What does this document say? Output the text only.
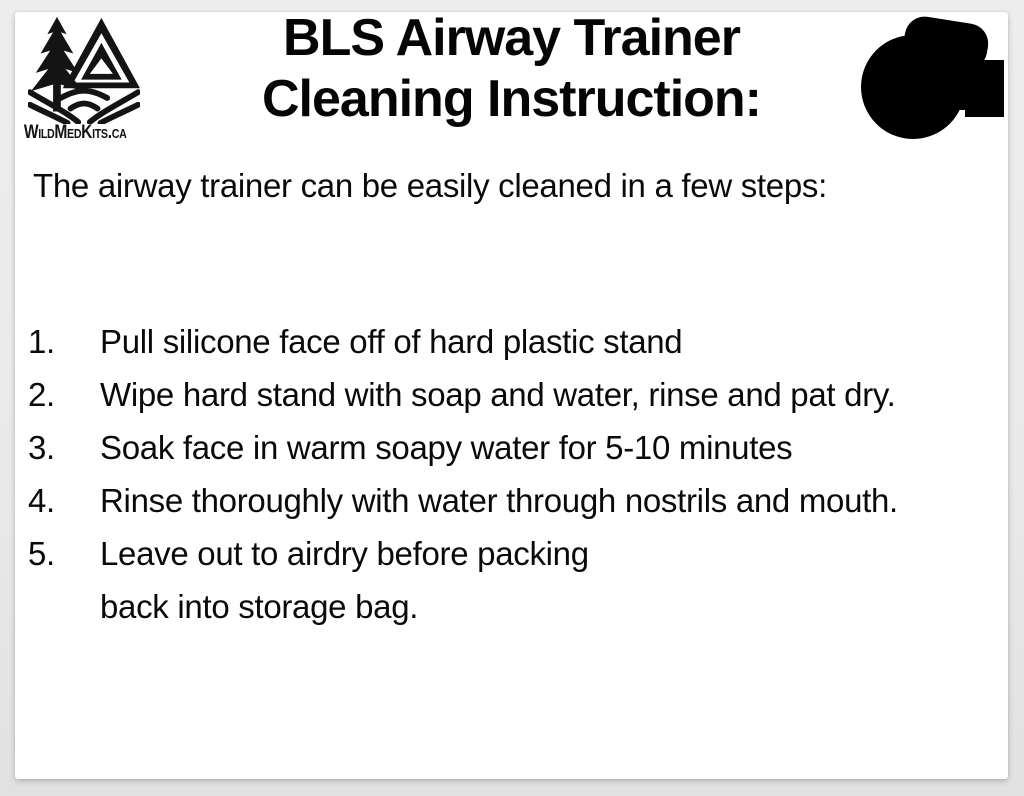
WildMedKits.ca
BLS Airway Trainer
Cleaning Instruction:
The airway trainer can be easily cleaned in a few steps:
1.	Pull silicone face off of hard plastic stand
2.	Wipe hard stand with soap and water, rinse and pat dry.
3.	Soak face in warm soapy water for 5-10 minutes
4.	Rinse thoroughly with water through nostrils and mouth.
5.	Leave out to airdry before packing
back into storage bag.
